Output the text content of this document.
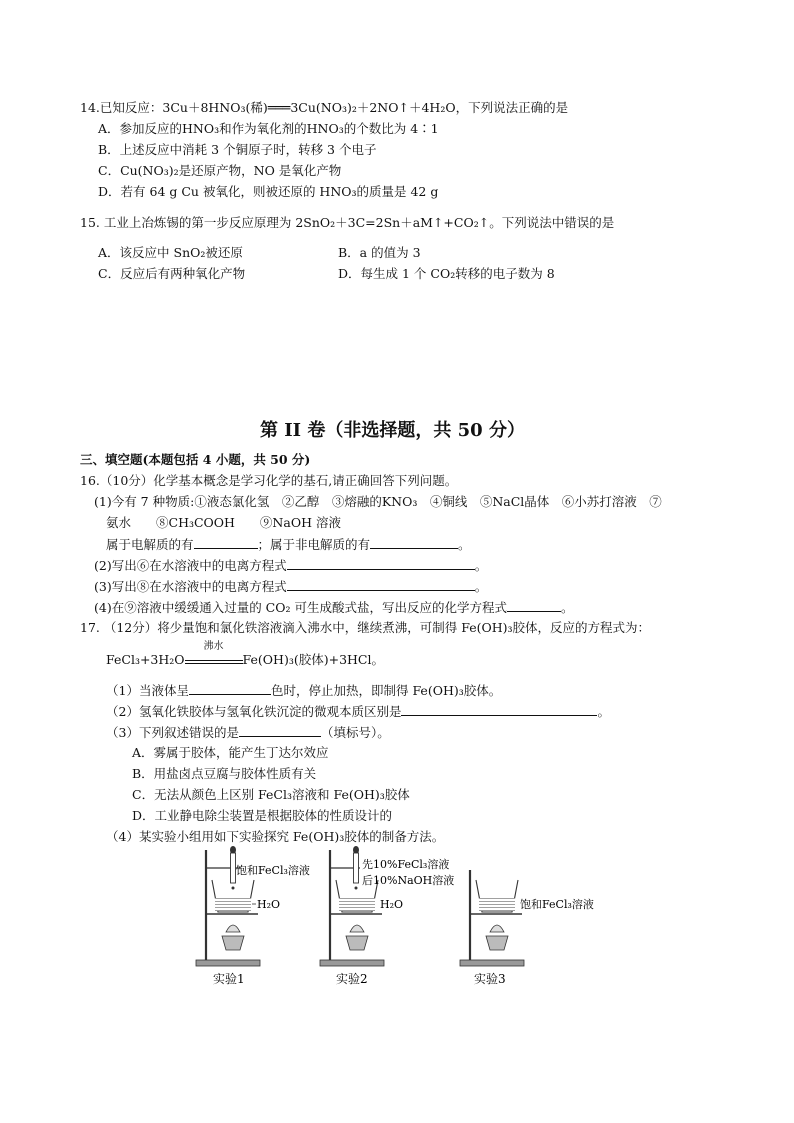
14.已知反应：3Cu＋8HNO₃(稀)═══3Cu(NO₃)₂＋2NO↑＋4H₂O，下列说法正确的是
A．参加反应的HNO₃和作为氧化剂的HNO₃的个数比为 4∶1
B．上述反应中消耗 3 个铜原子时，转移 3 个电子
C．Cu(NO₃)₂是还原产物，NO 是氧化产物
D．若有 64 g Cu 被氧化，则被还原的 HNO₃的质量是 42 g
15. 工业上冶炼锡的第一步反应原理为 2SnO₂＋3C=2Sn＋aM↑+CO₂↑。下列说法中错误的是
A．该反应中 SnO₂被还原	B．a 的值为 3
C．反应后有两种氧化产物	D．每生成 1 个 CO₂转移的电子数为 8
第 II 卷（非选择题，共 50 分）
三、填空题(本题包括 4 小题，共 50 分)
16.（10分）化学基本概念是学习化学的基石,请正确回答下列问题。
(1)今有 7 种物质:①液态氯化氢　②乙醇　③熔融的KNO₃　④铜线　⑤NaCl晶体　⑥小苏打溶液　⑦
氨水　　⑧CH₃COOH　　⑨NaOH 溶液
属于电解质的有	；属于非电解质的有	。
(2)写出⑥在水溶液中的电离方程式	。
(3)写出⑧在水溶液中的电离方程式	。
(4)在⑨溶液中缓缓通入过量的 CO₂ 可生成酸式盐，写出反应的化学方程式	。
17. （12分）将少量饱和氯化铁溶液滴入沸水中，继续煮沸，可制得 Fe(OH)₃胶体，反应的方程式为：
FeCl₃+3H₂O
沸水
Fe(OH)₃(胶体)+3HCl。
（1）当液体呈	色时，停止加热，即制得 Fe(OH)₃胶体。
（2）氢氧化铁胶体与氢氧化铁沉淀的微观本质区别是	。
（3）下列叙述错误的是	（填标号）。
A．雾属于胶体，能产生丁达尔效应
B．用盐卤点豆腐与胶体性质有关
C．无法从颜色上区别 FeCl₃溶液和 Fe(OH)₃胶体
D．工业静电除尘装置是根据胶体的性质设计的
（4）某实验小组用如下实验探究 Fe(OH)₃胶体的制备方法。
饱和FeCl₃溶液
H₂O
实验1
先10%FeCl₃溶液
后10%NaOH溶液
H₂O
实验2
饱和FeCl₃溶液
实验3
